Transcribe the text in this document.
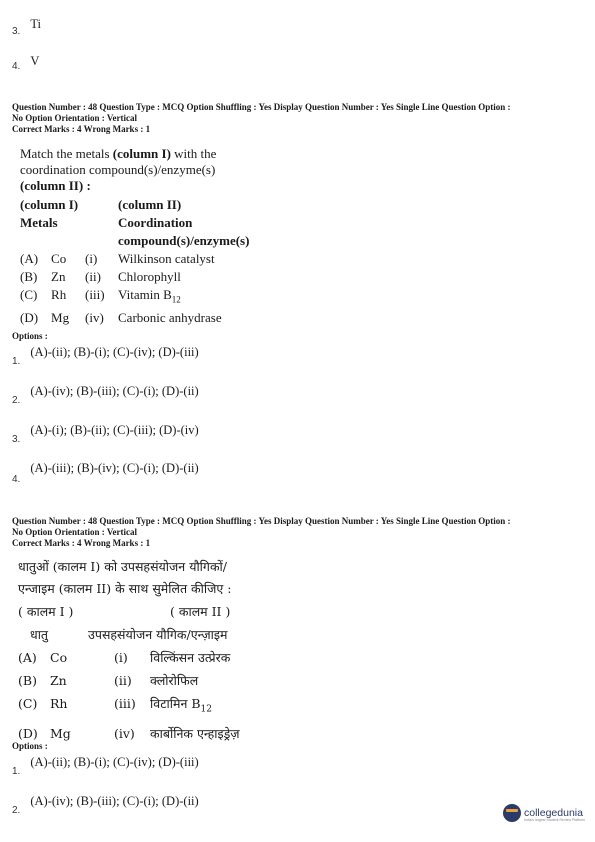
$_{3.}$ Ti
$_{4.}$ V
Question Number : 48 Question Type : MCQ Option Shuffling : Yes Display Question Number : Yes Single Line Question Option :
No Option Orientation : Vertical
Correct Marks : 4 Wrong Marks : 1
Match the metals (column I) with the
coordination compound(s)/enzyme(s)
(column II) :
(column I)			(column II)
Metals			Coordination
compound(s)/enzyme(s)

(A)	Co	(i)	Wilkinson catalyst
(B)	Zn	(ii)	Chlorophyll
(C)	Rh	(iii)	Vitamin $B_{12}$
(D)	Mg	(iv)	Carbonic anhydrase
Options :
$_{1.}$ (A)-(ii); (B)-(i); (C)-(iv); (D)-(iii)
$_{2.}$ (A)-(iv); (B)-(iii); (C)-(i); (D)-(ii)
$_{3.}$ (A)-(i); (B)-(ii); (C)-(iii); (D)-(iv)
$_{4.}$ (A)-(iii); (B)-(iv); (C)-(i); (D)-(ii)
Question Number : 48 Question Type : MCQ Option Shuffling : Yes Display Question Number : Yes Single Line Question Option :
No Option Orientation : Vertical
Correct Marks : 4 Wrong Marks : 1
धातुओं (कालम I) को उपसहसंयोजन यौगिकों/
एन्जाइम (कालम II) के साथ सुमेलित कीजिए :
( कालम I )			( कालम II )
धातु		उपसहसंयोजन यौगिक/एन्ज़ाइम	
(A)	Co	(i)	विल्किंसन उत्प्रेरक
(B)	Zn	(ii)	क्लोरोफिल
(C)	Rh	(iii)	विटामिन $B_{12}$
(D)	Mg	(iv)	कार्बोनिक एन्हाइड्रेज़
Options :
$_{1.}$ (A)-(ii); (B)-(i); (C)-(iv); (D)-(iii)
$_{2.}$ (A)-(iv); (B)-(iii); (C)-(i); (D)-(ii)
collegedunia
India's largest Student Review Platform
